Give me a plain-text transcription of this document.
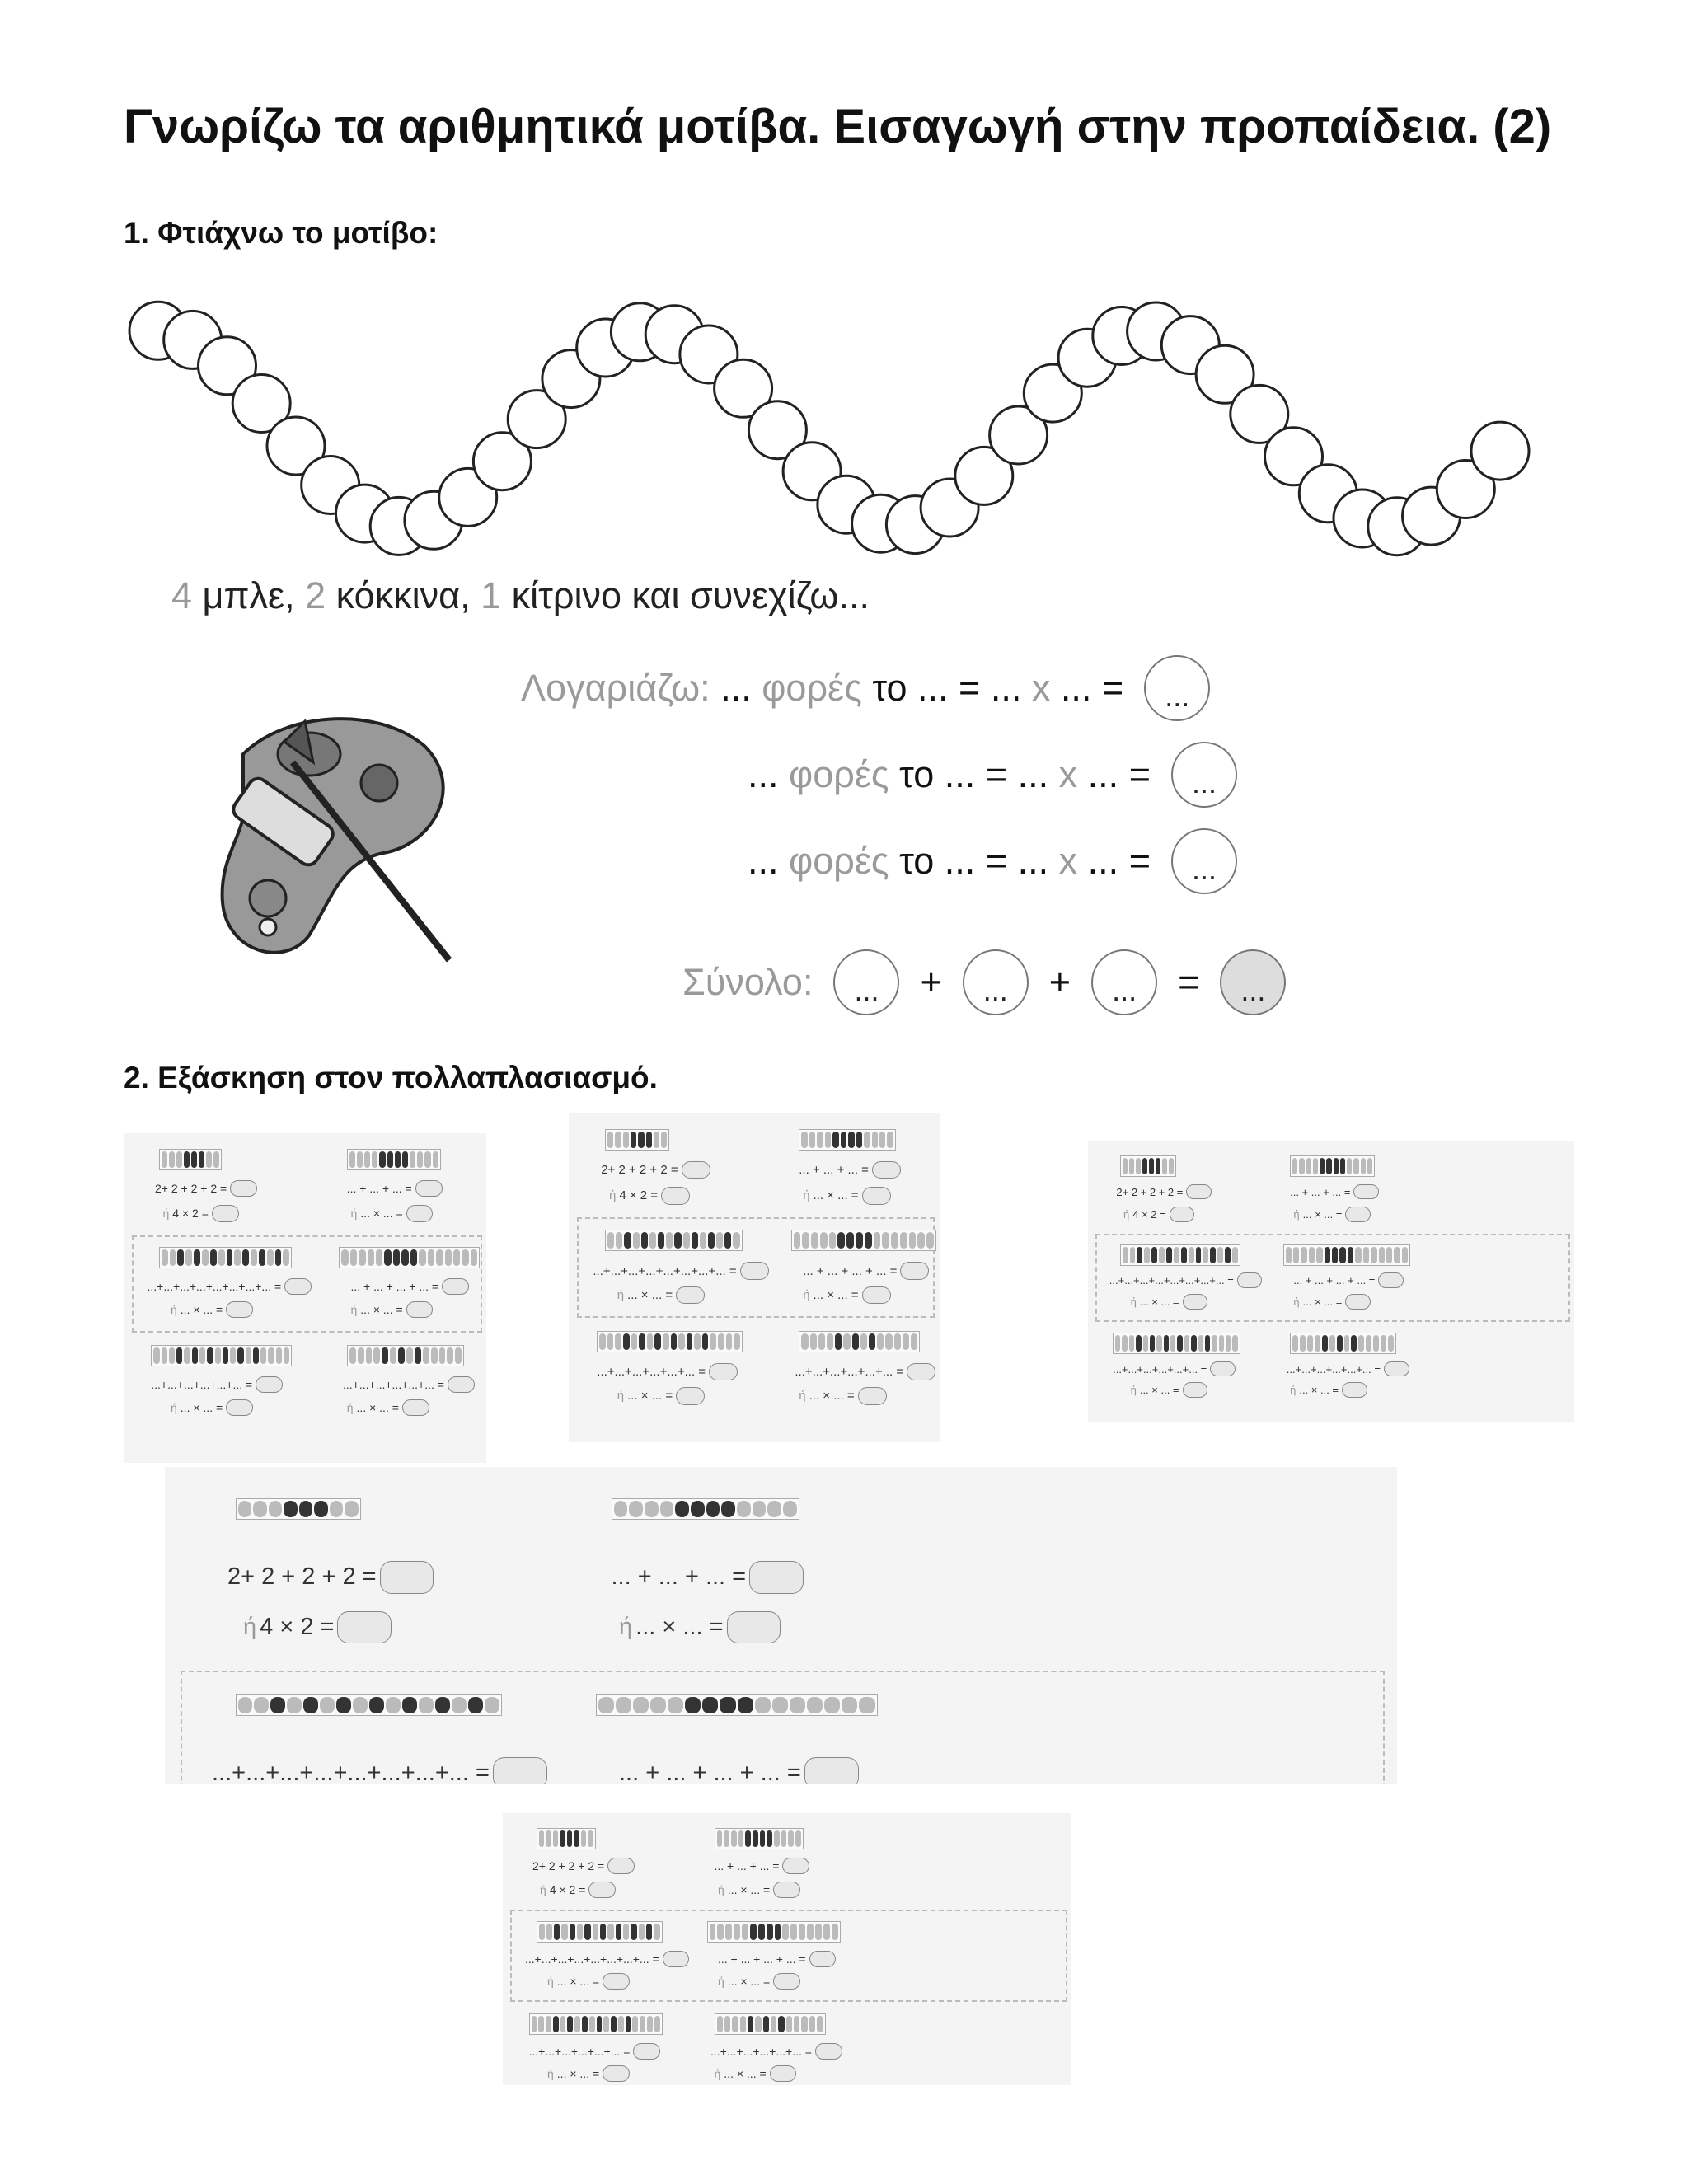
Γνωρίζω τα αριθμητικά μοτίβα. Εισαγωγή στην προπαίδεια. (2)
1. Φτιάχνω το μοτίβο:
4 μπλε, 2 κόκκινα, 1 κίτρινο και συνεχίζω...
Λογαριάζω:
...
φορές
το
...
=
...
x
...
=
	...
...
φορές
το
...
=
...
x
...
=
	...
...
φορές
το
...
=
...
x
...
=
	...
Σύνολο:
	...
	+
	...
	+
	...
	=
	...
2. Εξάσκηση στον πολλαπλασιασμό.
2+ 2 + 2 + 2 =
ή 4 × 2 =
... + ... + ... =
ή ... × ... =
...+...+...+...+...+...+...+... =
ή ... × ... =
... + ... + ... + ... =
ή ... × ... =
...+...+...+...+...+... =
ή ... × ... =
...+...+...+...+...+... =
ή ... × ... =
2+ 2 + 2 + 2 =
ή 4 × 2 =
... + ... + ... =
ή ... × ... =
...+...+...+...+...+...+...+... =
ή ... × ... =
... + ... + ... + ... =
ή ... × ... =
...+...+...+...+...+... =
ή ... × ... =
...+...+...+...+...+... =
ή ... × ... =
2+ 2 + 2 + 2 =
ή 4 × 2 =
... + ... + ... =
ή ... × ... =
...+...+...+...+...+...+...+... =
ή ... × ... =
... + ... + ... + ... =
ή ... × ... =
...+...+...+...+...+... =
ή ... × ... =
...+...+...+...+...+... =
ή ... × ... =
2+ 2 + 2 + 2 =
ή 4 × 2 =
... + ... + ... =
ή ... × ... =
...+...+...+...+...+...+...+... =	... + ... + ... + ... =
2+ 2 + 2 + 2 =
ή 4 × 2 =
... + ... + ... =
ή ... × ... =
...+...+...+...+...+...+...+... =
ή ... × ... =
... + ... + ... + ... =
ή ... × ... =
...+...+...+...+...+... =
ή ... × ... =
...+...+...+...+...+... =
ή ... × ... =
